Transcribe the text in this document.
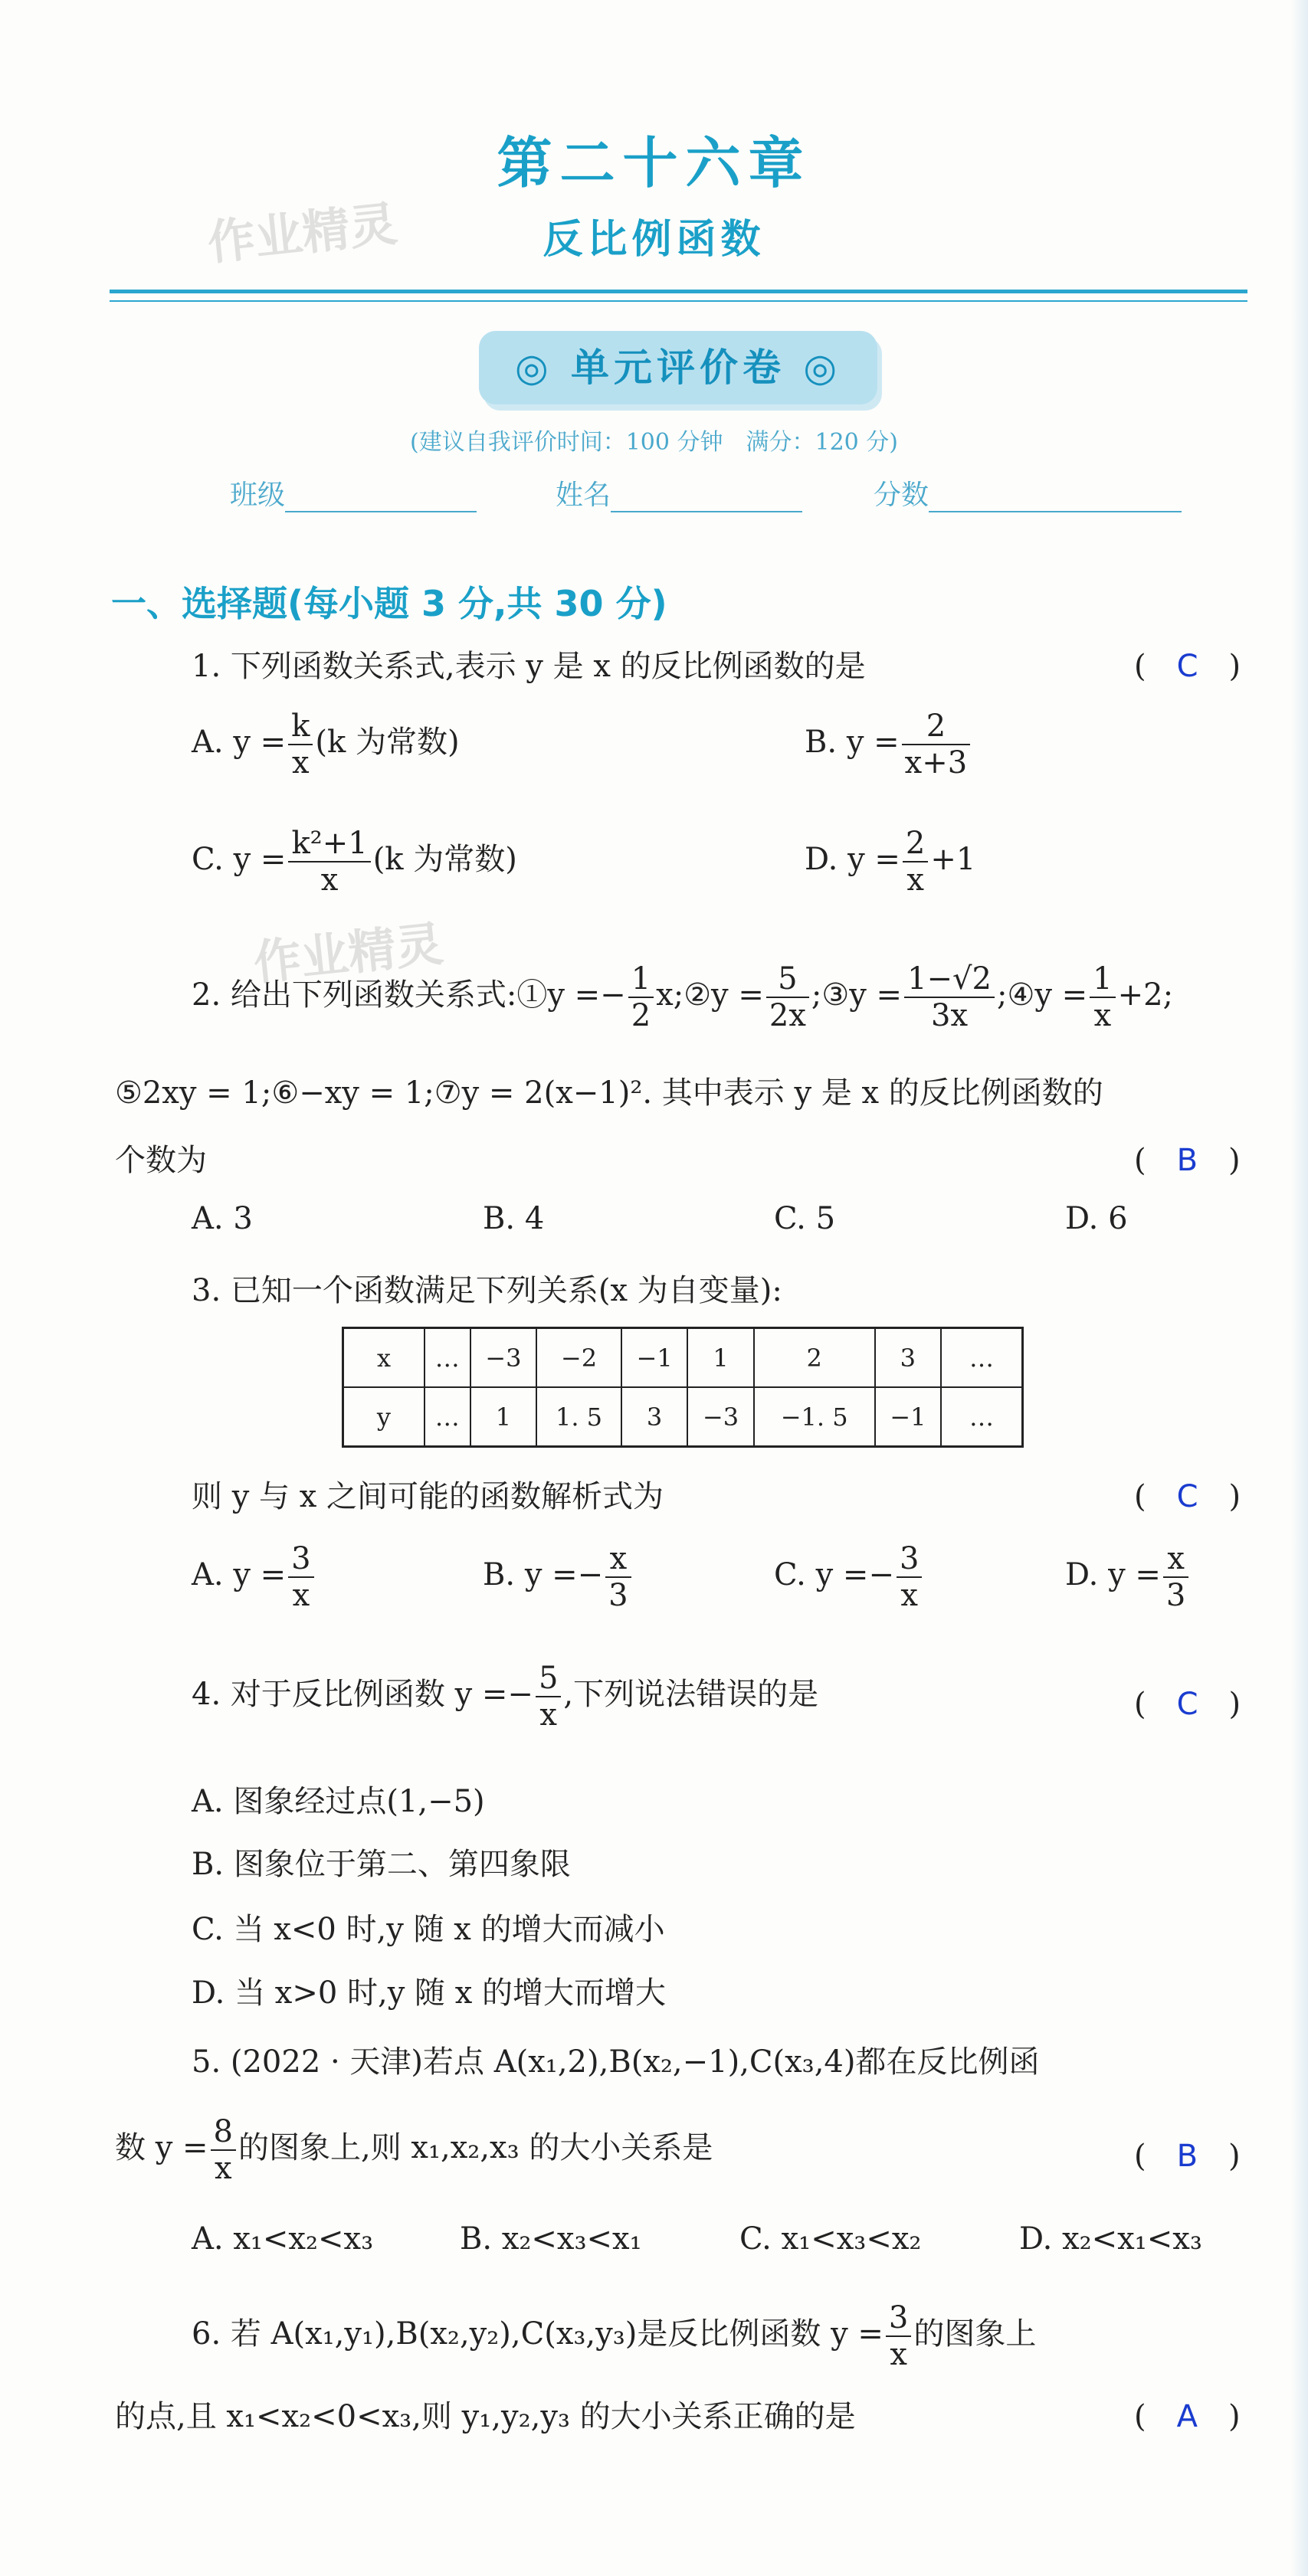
第二十六章
反比例函数
作业精灵
作业精灵
◎ 单元评价卷 ◎
(建议自我评价时间：100 分钟　满分：120 分)
班级	姓名	分数
一、选择题(每小题 3 分,共 30 分)
1. 下列函数关系式,表示 y 是 x 的反比例函数的是	(　C　)
A. $y = \frac{k}{x} (k$ 为常数)	B. $y = \frac{2}{x+3}$
C. $y = \frac{\text{k²+1}}{x} (k$ 为常数)	D. $y = \frac{2}{x} +1$
2. 给出下列函数关系式:①y =− $\frac{1}{2}$ x;②y = $\frac{5}{2x}$ ;③y = $\frac{1-√2}{3x}$ ;④y = $\frac{1}{x} +2$;
⑤2xy = 1;⑥−xy = 1;⑦y = 2(x−1)². 其中表示 y 是 x 的反比例函数的
个数为	(　B　)
A. 3	B. 4	C. 5	D. 6
3. 已知一个函数满足下列关系(x 为自变量):
x	…	−3	−2	−1	1	2	3	…
y	…	1	1. 5	3	−3	−1. 5	−1	…
则 y 与 x 之间可能的函数解析式为	(　C　)
A. $y = \frac{3}{x}$	B. $y =- \frac{x}{3}$	C. $y =- \frac{3}{x}$	D. $y = \frac{x}{3}$
4. 对于反比例函数 $y =- \frac{5}{x}$ ,下列说法错误的是	(　C　)
A. 图象经过点(1,−5)
B. 图象位于第二、第四象限
C. 当 x<0 时,y 随 x 的增大而减小
D. 当 x>0 时,y 随 x 的增大而增大
5. (2022 · 天津)若点 A(x₁,2),B(x₂,−1),C(x₃,4)都在反比例函
数 $y = \frac{8}{x}$ 的图象上,则 x₁,x₂,x₃ 的大小关系是	(　B　)
A. x₁<x₂<x₃	B. x₂<x₃<x₁	C. x₁<x₃<x₂	D. x₂<x₁<x₃
6. 若 A(x₁,y₁),B(x₂,y₂),C(x₃,y₃)是反比例函数 $y = \frac{3}{x}$ 的图象上
的点,且 x₁<x₂<0<x₃,则 y₁,y₂,y₃ 的大小关系正确的是	(　A　)
